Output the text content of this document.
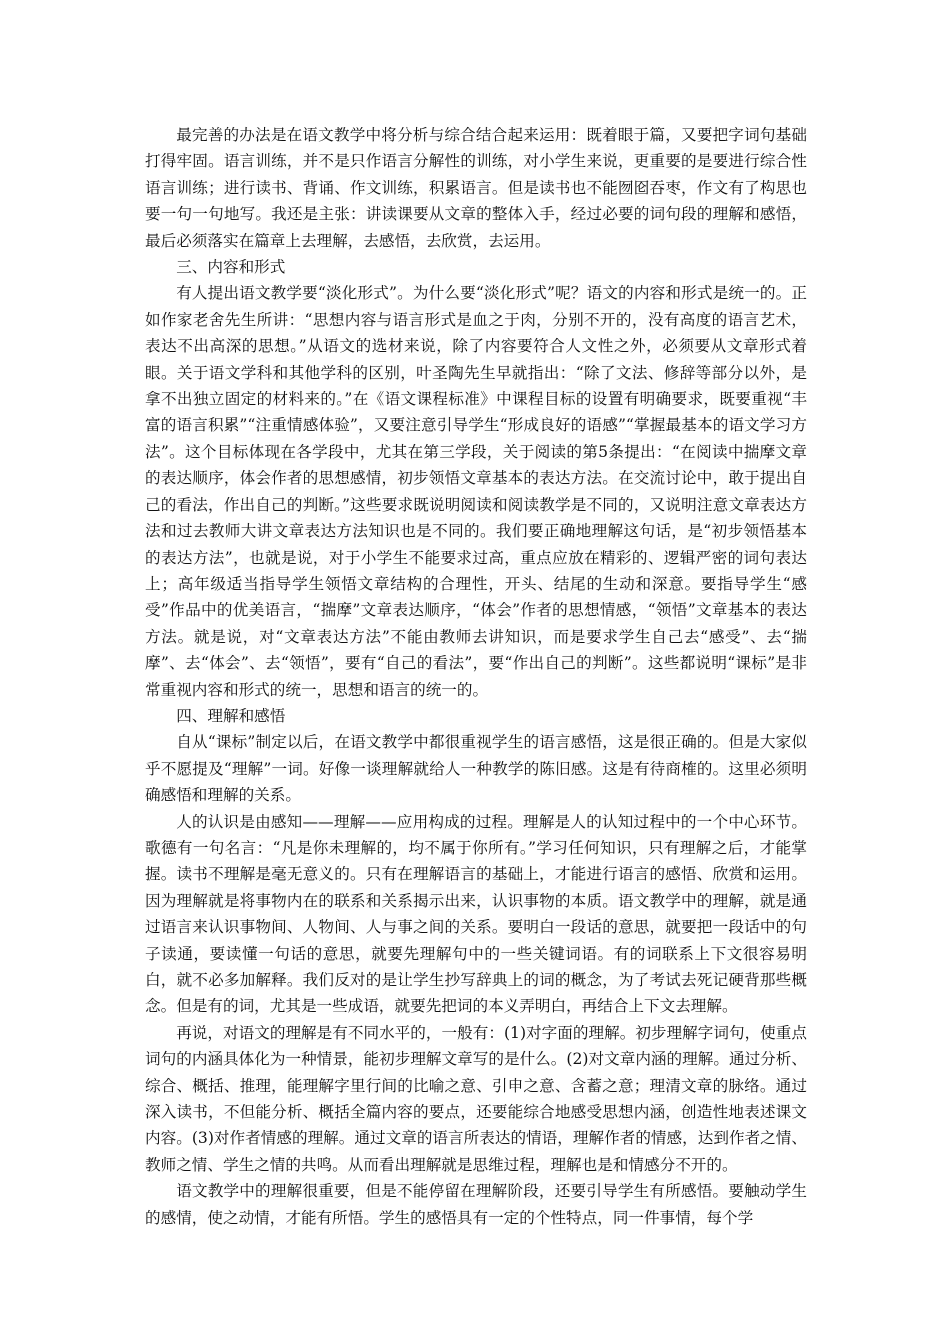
最完善的办法是在语文教学中将分析与综合结合起来运用：既着眼于篇，又要把字词句基础打得牢固。语言训练，并不是只作语言分解性的训练，对小学生来说，更重要的是要进行综合性语言训练；进行读书、背诵、作文训练，积累语言。但是读书也不能囫囵吞枣，作文有了构思也要一句一句地写。我还是主张：讲读课要从文章的整体入手，经过必要的词句段的理解和感悟，最后必须落实在篇章上去理解，去感悟，去欣赏，去运用。

三、内容和形式

有人提出语文教学要“淡化形式”。为什么要“淡化形式”呢？语文的内容和形式是统一的。正如作家老舍先生所讲：“思想内容与语言形式是血之于肉，分别不开的，没有高度的语言艺术，表达不出高深的思想。”从语文的选材来说，除了内容要符合人文性之外，必须要从文章形式着眼。关于语文学科和其他学科的区别，叶圣陶先生早就指出：“除了文法、修辞等部分以外，是拿不出独立固定的材料来的。”在《语文课程标准》中课程目标的设置有明确要求，既要重视“丰富的语言积累”“注重情感体验”，又要注意引导学生“形成良好的语感”“掌握最基本的语文学习方法”。这个目标体现在各学段中，尤其在第三学段，关于阅读的第5条提出：“在阅读中揣摩文章的表达顺序，体会作者的思想感情，初步领悟文章基本的表达方法。在交流讨论中，敢于提出自己的看法，作出自己的判断。”这些要求既说明阅读和阅读教学是不同的，又说明注意文章表达方法和过去教师大讲文章表达方法知识也是不同的。我们要正确地理解这句话，是“初步领悟基本的表达方法”，也就是说，对于小学生不能要求过高，重点应放在精彩的、逻辑严密的词句表达上；高年级适当指导学生领悟文章结构的合理性，开头、结尾的生动和深意。要指导学生“感受”作品中的优美语言，“揣摩”文章表达顺序，“体会”作者的思想情感，“领悟”文章基本的表达方法。就是说，对“文章表达方法”不能由教师去讲知识，而是要求学生自己去“感受”、去“揣摩”、去“体会”、去“领悟”，要有“自己的看法”，要“作出自己的判断”。这些都说明“课标”是非常重视内容和形式的统一，思想和语言的统一的。

四、理解和感悟

自从“课标”制定以后，在语文教学中都很重视学生的语言感悟，这是很正确的。但是大家似乎不愿提及“理解”一词。好像一谈理解就给人一种教学的陈旧感。这是有待商榷的。这里必须明确感悟和理解的关系。

人的认识是由感知——理解——应用构成的过程。理解是人的认知过程中的一个中心环节。歌德有一句名言：“凡是你未理解的，均不属于你所有。”学习任何知识，只有理解之后，才能掌握。读书不理解是毫无意义的。只有在理解语言的基础上，才能进行语言的感悟、欣赏和运用。因为理解就是将事物内在的联系和关系揭示出来，认识事物的本质。语文教学中的理解，就是通过语言来认识事物间、人物间、人与事之间的关系。要明白一段话的意思，就要把一段话中的句子读通，要读懂一句话的意思，就要先理解句中的一些关键词语。有的词联系上下文很容易明白，就不必多加解释。我们反对的是让学生抄写辞典上的词的概念，为了考试去死记硬背那些概念。但是有的词，尤其是一些成语，就要先把词的本义弄明白，再结合上下文去理解。

再说，对语文的理解是有不同水平的，一般有：(1)对字面的理解。初步理解字词句，使重点词句的内涵具体化为一种情景，能初步理解文章写的是什么。(2)对文章内涵的理解。通过分析、综合、概括、推理，能理解字里行间的比喻之意、引申之意、含蓄之意；理清文章的脉络。通过深入读书，不但能分析、概括全篇内容的要点，还要能综合地感受思想内涵，创造性地表述课文内容。(3)对作者情感的理解。通过文章的语言所表达的情语，理解作者的情感，达到作者之情、教师之情、学生之情的共鸣。从而看出理解就是思维过程，理解也是和情感分不开的。

语文教学中的理解很重要，但是不能停留在理解阶段，还要引导学生有所感悟。要触动学生的感情，使之动情，才能有所悟。学生的感悟具有一定的个性特点，同一件事情，每个学
